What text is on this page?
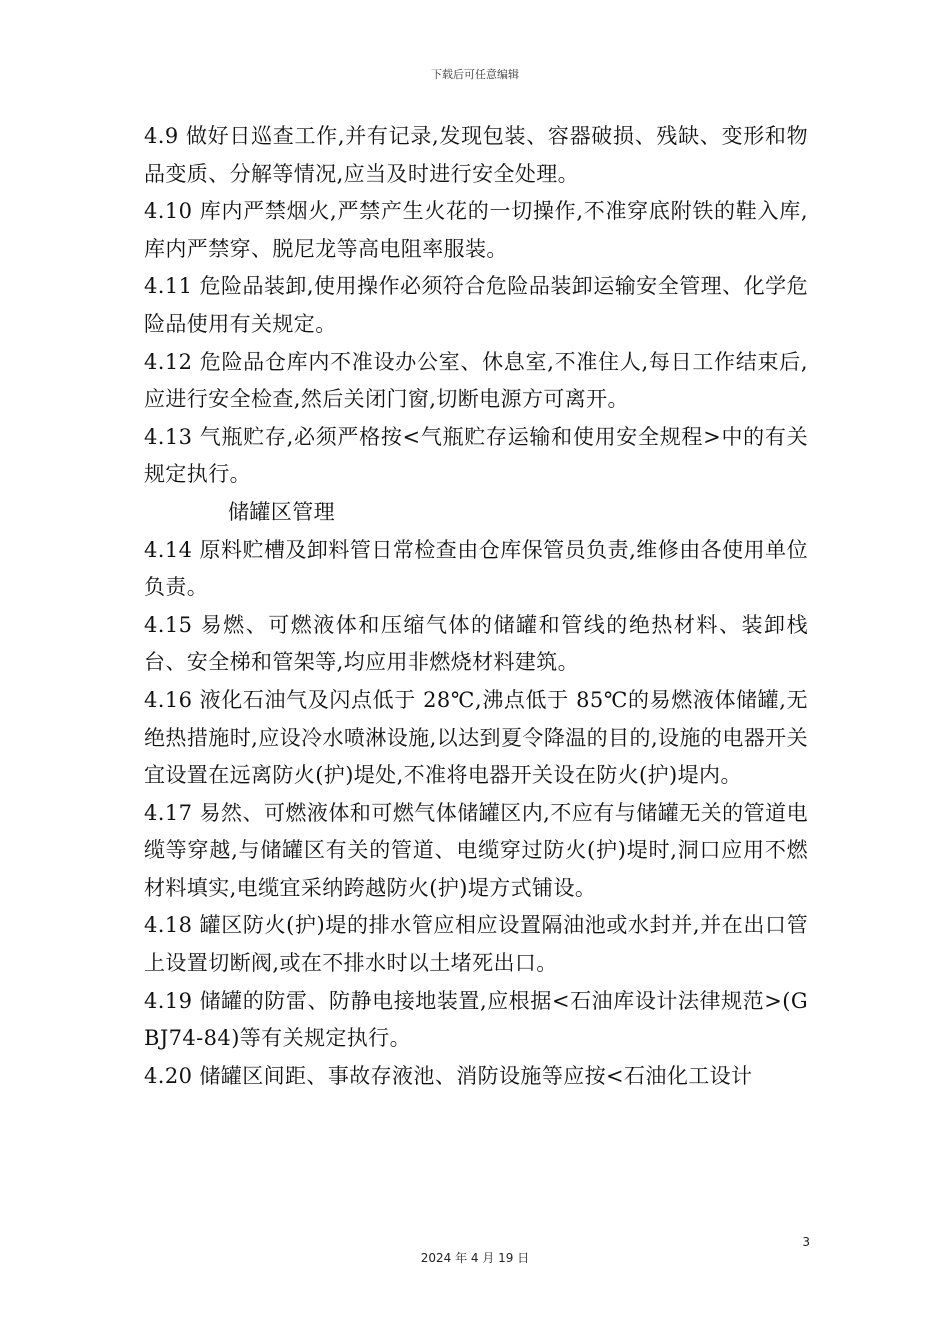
下载后可任意编辑

4.9 做好日巡查工作,并有记录,发现包装、容器破损、残缺、变形和物品变质、分解等情况,应当及时进行安全处理。

4.10 库内严禁烟火,严禁产生火花的一切操作,不准穿底附铁的鞋入库,库内严禁穿、脱尼龙等高电阻率服装。

4.11 危险品装卸,使用操作必须符合危险品装卸运输安全管理、化学危险品使用有关规定。

4.12 危险品仓库内不准设办公室、休息室,不准住人,每日工作结束后,应进行安全检查,然后关闭门窗,切断电源方可离开。

4.13 气瓶贮存,必须严格按<气瓶贮存运输和使用安全规程>中的有关规定执行。

储罐区管理

4.14 原料贮槽及卸料管日常检查由仓库保管员负责,维修由各使用单位负责。

4.15 易燃、可燃液体和压缩气体的储罐和管线的绝热材料、装卸栈台、安全梯和管架等,均应用非燃烧材料建筑。

4.16 液化石油气及闪点低于 28℃,沸点低于 85℃的易燃液体储罐,无绝热措施时,应设冷水喷淋设施,以达到夏令降温的目的,设施的电器开关宜设置在远离防火(护)堤处,不准将电器开关设在防火(护)堤内。

4.17 易然、可燃液体和可燃气体储罐区内,不应有与储罐无关的管道电缆等穿越,与储罐区有关的管道、电缆穿过防火(护)堤时,洞口应用不燃材料填实,电缆宜采纳跨越防火(护)堤方式铺设。

4.18 罐区防火(护)堤的排水管应相应设置隔油池或水封并,并在出口管上设置切断阀,或在不排水时以土堵死出口。

4.19 储罐的防雷、防静电接地装置,应根据<石油库设计法律规范>(GBJ74-84)等有关规定执行。

4.20 储罐区间距、事故存液池、消防设施等应按<石油化工设计

3
2024 年 4 月 19 日
